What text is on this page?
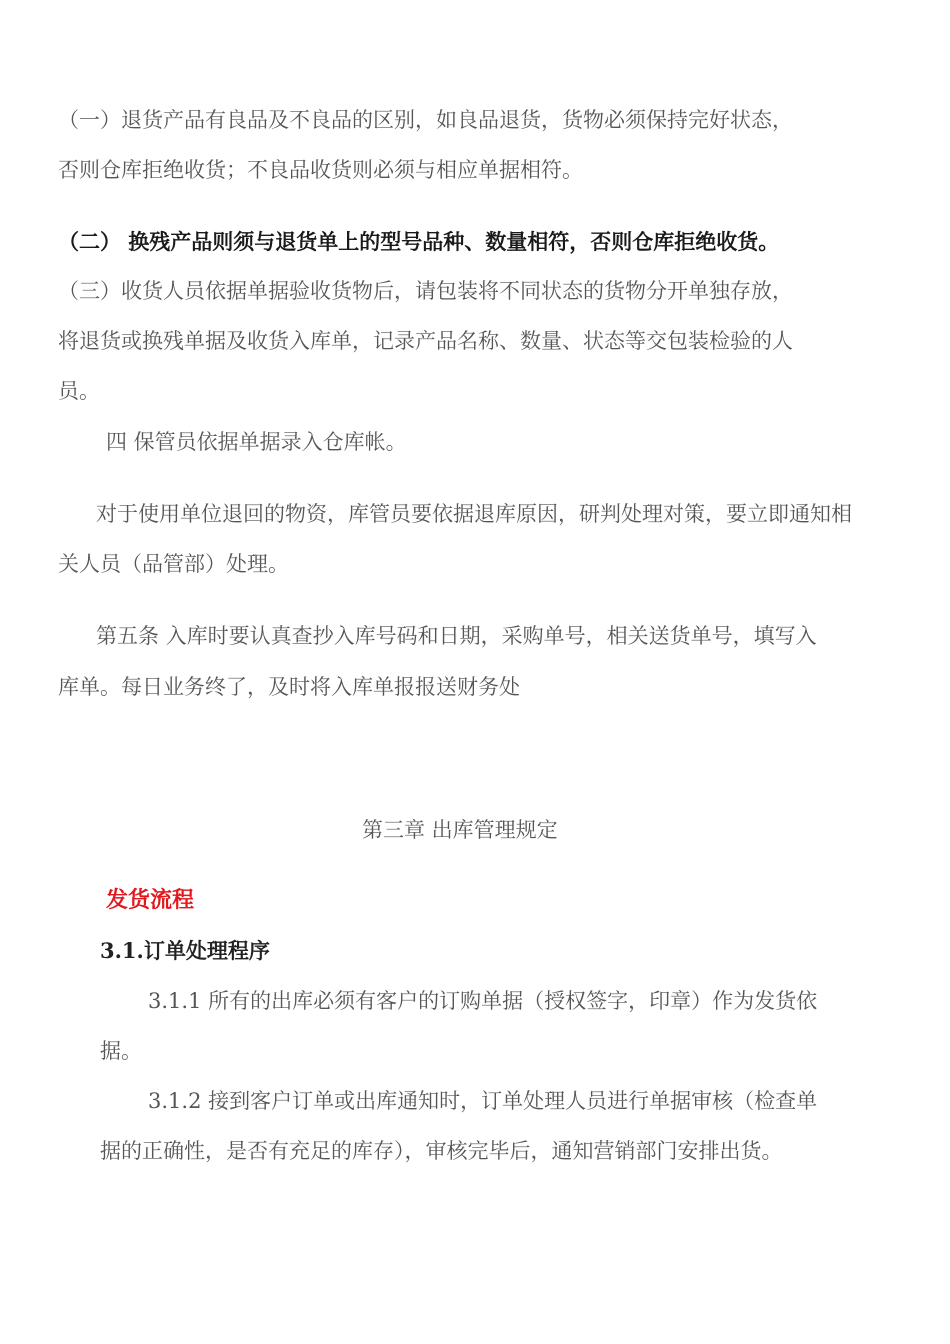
（一）退货产品有良品及不良品的区别，如良品退货，货物必须保持完好状态，
否则仓库拒绝收货；不良品收货则必须与相应单据相符。
（二） 换残产品则须与退货单上的型号品种、数量相符，否则仓库拒绝收货。
（三）收货人员依据单据验收货物后，请包装将不同状态的货物分开单独存放，
将退货或换残单据及收货入库单，记录产品名称、数量、状态等交包装检验的人
员。
四 保管员依据单据录入仓库帐。
对于使用单位退回的物资，库管员要依据退库原因，研判处理对策，要立即通知相
关人员（品管部）处理。
第五条 入库时要认真查抄入库号码和日期，采购单号，相关送货单号，填写入
库单。每日业务终了，及时将入库单报报送财务处
第三章 出库管理规定
发货流程
3.1.订单处理程序
3.1.1 所有的出库必须有客户的订购单据（授权签字，印章）作为发货依
据。
3.1.2 接到客户订单或出库通知时，订单处理人员进行单据审核（检查单
据的正确性，是否有充足的库存），审核完毕后，通知营销部门安排出货。
